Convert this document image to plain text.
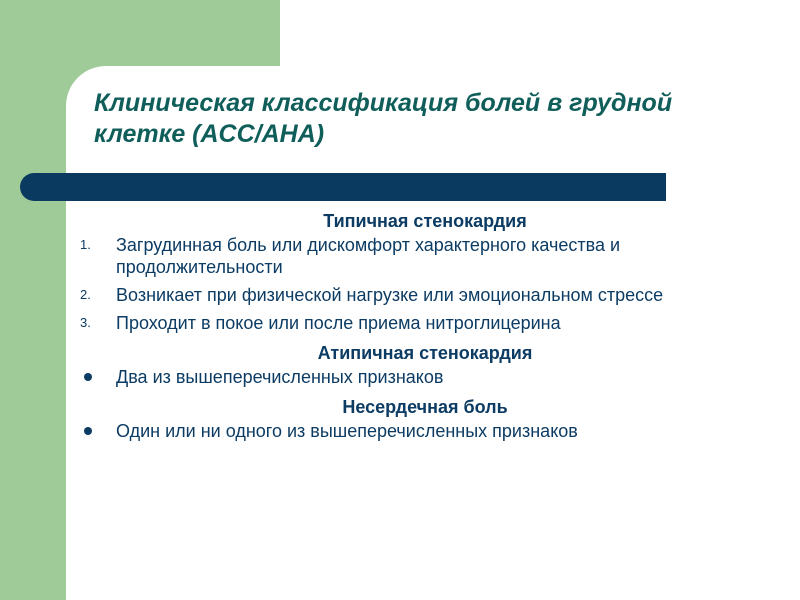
Клиническая классификация болей в грудной клетке (ACC/AHA)
Типичная стенокардия
1. Загрудинная боль или дискомфорт характерного качества и продолжительности
2. Возникает при физической нагрузке или эмоциональном стрессе
3. Проходит в покое или после приема нитроглицерина
Атипичная стенокардия
Два из вышеперечисленных признаков
Несердечная боль
Один или ни одного из вышеперечисленных признаков
